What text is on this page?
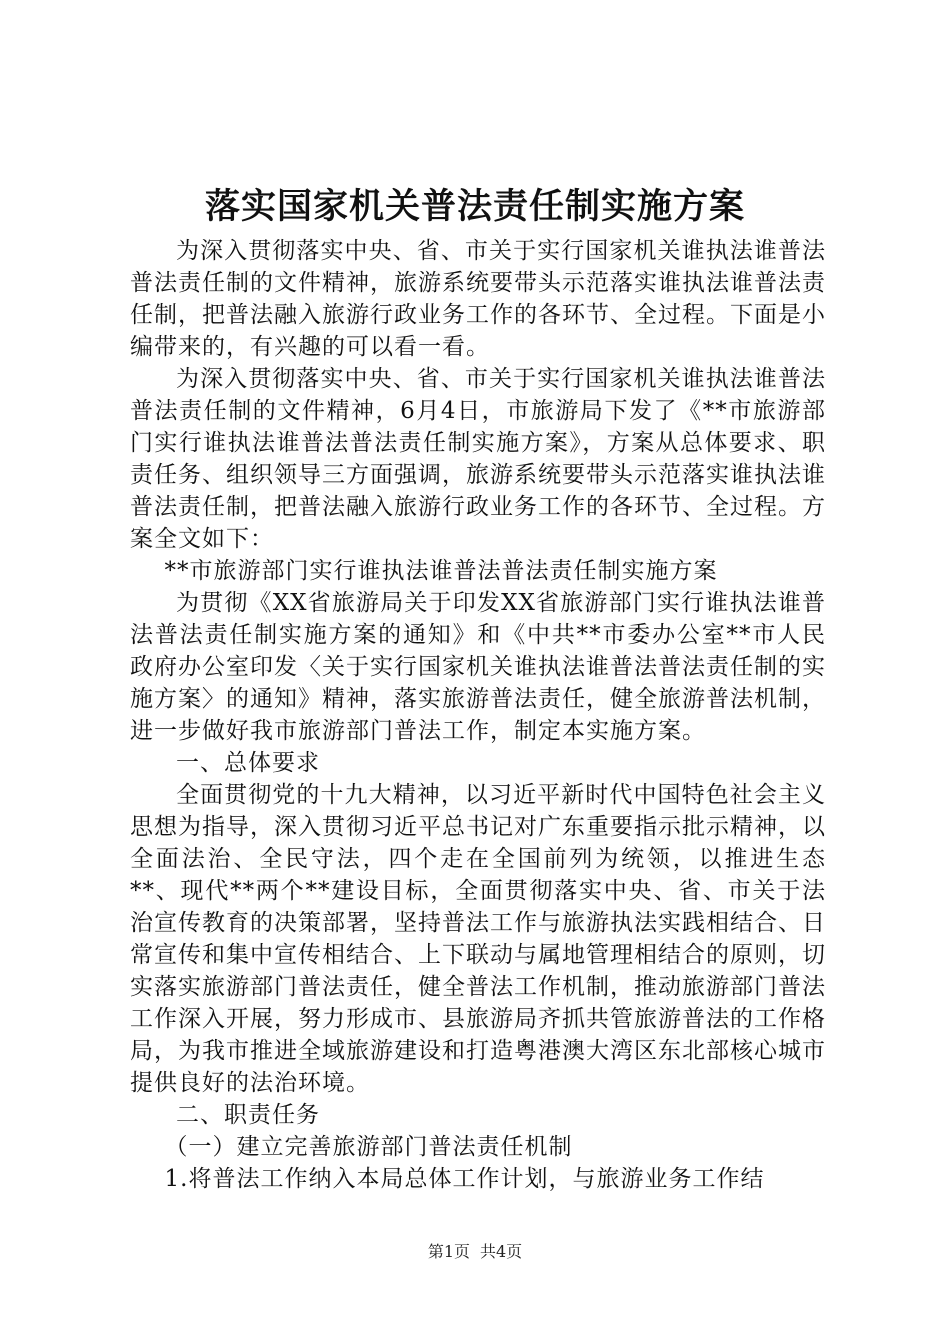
落实国家机关普法责任制实施方案

为深入贯彻落实中央、省、市关于实行国家机关谁执法谁普法普法责任制的文件精神，旅游系统要带头示范落实谁执法谁普法责任制，把普法融入旅游行政业务工作的各环节、全过程。下面是小编带来的，有兴趣的可以看一看。

为深入贯彻落实中央、省、市关于实行国家机关谁执法谁普法普法责任制的文件精神，6月4日，市旅游局下发了《**市旅游部门实行谁执法谁普法普法责任制实施方案》，方案从总体要求、职责任务、组织领导三方面强调，旅游系统要带头示范落实谁执法谁普法责任制，把普法融入旅游行政业务工作的各环节、全过程。方案全文如下：

**市旅游部门实行谁执法谁普法普法责任制实施方案

为贯彻《XX省旅游局关于印发XX省旅游部门实行谁执法谁普法普法责任制实施方案的通知》和《中共**市委办公室**市人民政府办公室印发〈关于实行国家机关谁执法谁普法普法责任制的实施方案〉的通知》精神，落实旅游普法责任，健全旅游普法机制，进一步做好我市旅游部门普法工作，制定本实施方案。

一、总体要求

全面贯彻党的十九大精神，以习近平新时代中国特色社会主义思想为指导，深入贯彻习近平总书记对广东重要指示批示精神，以全面法治、全民守法，四个走在全国前列为统领，以推进生态**、现代**两个**建设目标，全面贯彻落实中央、省、市关于法治宣传教育的决策部署，坚持普法工作与旅游执法实践相结合、日常宣传和集中宣传相结合、上下联动与属地管理相结合的原则，切实落实旅游部门普法责任，健全普法工作机制，推动旅游部门普法工作深入开展，努力形成市、县旅游局齐抓共管旅游普法的工作格局，为我市推进全域旅游建设和打造粤港澳大湾区东北部核心城市提供良好的法治环境。

二、职责任务

（一）建立完善旅游部门普法责任机制

1.将普法工作纳入本局总体工作计划，与旅游业务工作结

第1页 共4页
